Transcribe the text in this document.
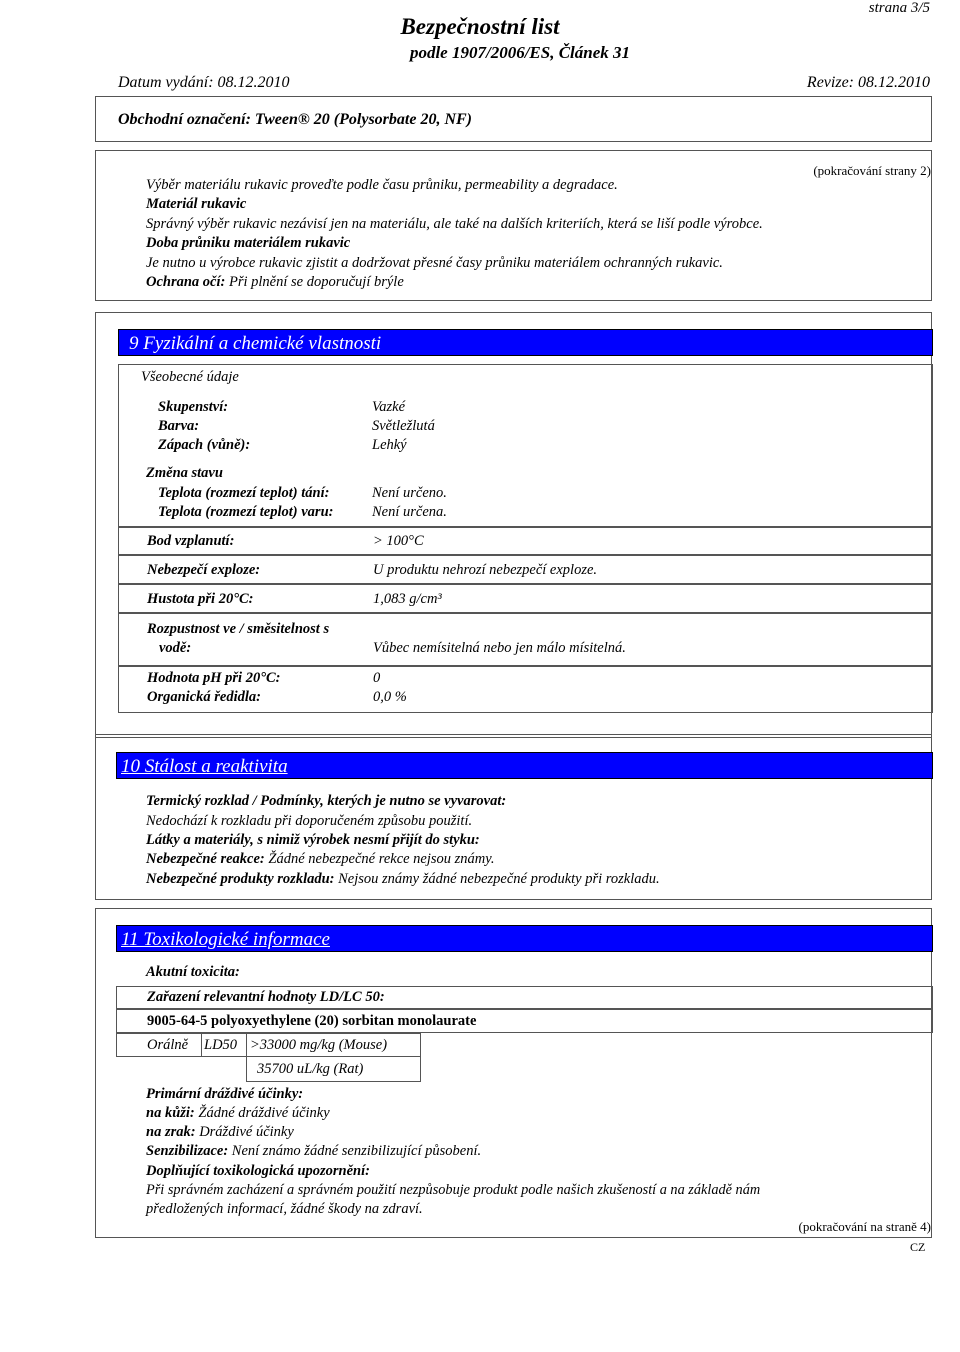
strana 3/5
Bezpečnostní list
podle 1907/2006/ES, Článek 31
Datum vydání: 08.12.2010	Revize: 08.12.2010
Obchodní označení: Tween® 20 (Polysorbate 20, NF)
(pokračování strany 2)
Výběr materiálu rukavic proveďte podle času průniku, permeability a degradace.
Materiál rukavic
Správný výběr rukavic nezávisí jen na materiálu, ale také na dalších kriteriích, která se liší podle výrobce.
Doba průniku materiálem rukavic
Je nutno u výrobce rukavic zjistit a dodržovat přesné časy průniku materiálem ochranných rukavic.
Ochrana očí: Při plnění se doporučují brýle
9 Fyzikální a chemické vlastnosti
Všeobecné údaje
Skupenství:	Vazké
Barva:	Světležlutá
Zápach (vůně):	Lehký
Změna stavu
Teplota (rozmezí teplot) tání:	Není určeno.
Teplota (rozmezí teplot) varu:	Není určena.
Bod vzplanutí:	> 100°C
Nebezpečí exploze:	U produktu nehrozí nebezpečí exploze.
Hustota při 20°C:	1,083 g/cm³
Rozpustnost ve / směsitelnost s
vodě:	Vůbec nemísitelná nebo jen málo mísitelná.
Hodnota pH při 20°C:	0
Organická ředidla:	0,0 %
10 Stálost a reaktivita
Termický rozklad / Podmínky, kterých je nutno se vyvarovat:
Nedochází k rozkladu při doporučeném způsobu použití.
Látky a materiály, s nimiž výrobek nesmí přijít do styku:
Nebezpečné reakce: Žádné nebezpečné rekce nejsou známy.
Nebezpečné produkty rozkladu: Nejsou známy žádné nebezpečné produkty při rozkladu.
11 Toxikologické informace
Akutní toxicita:
Zařazení relevantní hodnoty LD/LC 50:
9005-64-5 polyoxyethylene (20) sorbitan monolaurate
Orálně LD50 >33000 mg/kg (Mouse)
35700 uL/kg (Rat)
Primární dráždivé účinky:
na kůži: Žádné dráždivé účinky
na zrak: Dráždivé účinky
Senzibilizace: Není známo žádné senzibilizující působení.
Doplňující toxikologická upozornění:
Při správném zacházení a správném použití nezpůsobuje produkt podle našich zkušeností a na základě nám
předložených informací, žádné škody na zdraví.
(pokračování na straně 4)
CZ
